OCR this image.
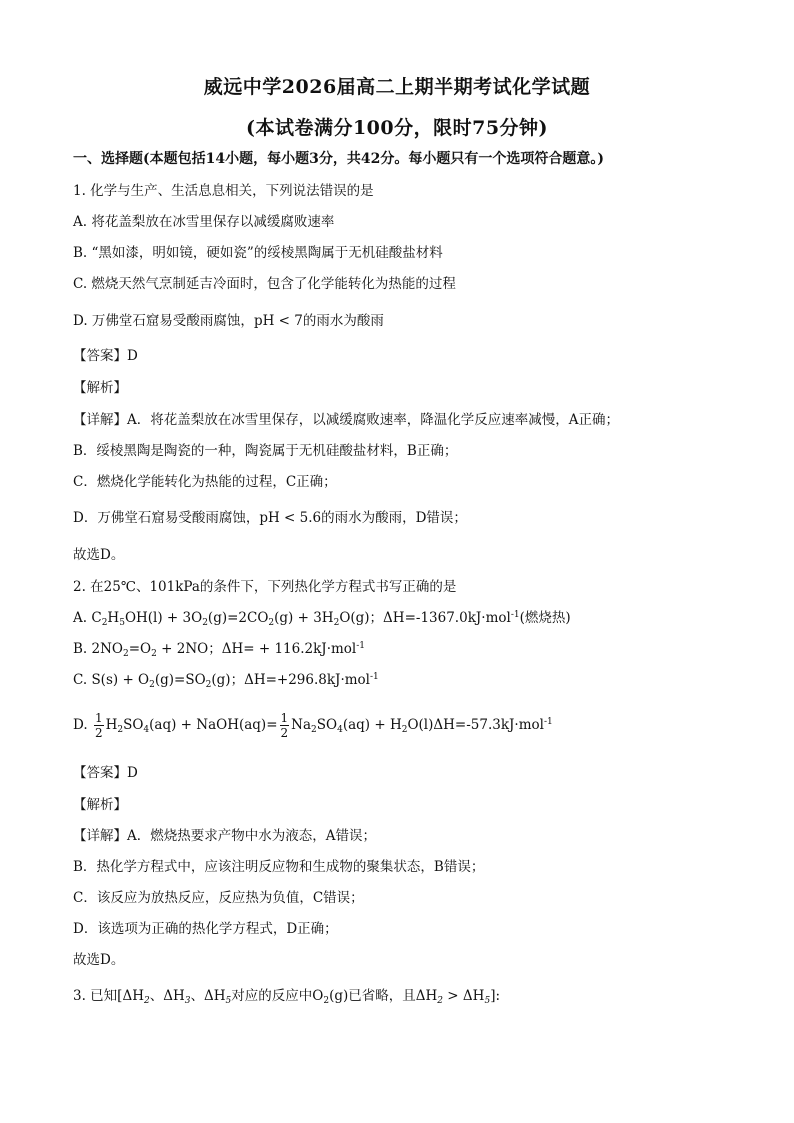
威远中学2026届高二上期半期考试化学试题
(本试卷满分100分，限时75分钟)
一、选择题(本题包括14小题，每小题3分，共42分。每小题只有一个选项符合题意。)
1. 化学与生产、生活息息相关，下列说法错误的是
A. 将花盖梨放在冰雪里保存以减缓腐败速率
B. “黑如漆，明如镜，硬如瓷”的绥棱黑陶属于无机硅酸盐材料
C. 燃烧天然气烹制延吉冷面时，包含了化学能转化为热能的过程
D. 万佛堂石窟易受酸雨腐蚀，pH < 7的雨水为酸雨
【答案】D
【解析】
【详解】A．将花盖梨放在冰雪里保存，以减缓腐败速率，降温化学反应速率减慢，A正确；
B．绥棱黑陶是陶瓷的一种，陶瓷属于无机硅酸盐材料，B正确；
C．燃烧化学能转化为热能的过程，C正确；
D．万佛堂石窟易受酸雨腐蚀，pH < 5.6的雨水为酸雨，D错误；
故选D。
2. 在25℃、101kPa的条件下，下列热化学方程式书写正确的是
A. $C_2H_5OH(l) + 3O_2(g)=2CO_2(g) + 3H_2O(g)$；ΔH=-1367.0kJ·mol$^{-1}$(燃烧热)
B. $2NO_2=O_2 + 2NO$；ΔH= + 116.2kJ·mol$^{-1}$
C. $S(s) + O_2(g)=SO_2(g)$；ΔH=+296.8kJ·mol$^{-1}$
D. $\frac{1}{2} H_2SO_4(aq)$ + NaOH(aq)= $\frac{1}{2} Na_2SO_4(aq) + H_2O(l)\Delta H=-57.3kJ\cdot mol^{-1}$
【答案】D
【解析】
【详解】A．燃烧热要求产物中水为液态，A错误；
B．热化学方程式中，应该注明反应物和生成物的聚集状态，B错误；
C．该反应为放热反应，反应热为负值，C错误；
D．该选项为正确的热化学方程式，D正确；
故选D。
3. 已知[$\Delta H_2$、$\Delta H_3$、$\Delta H_5$对应的反应中$O_2(g)$已省略，且$\Delta H_2 > \Delta H_5$]:
